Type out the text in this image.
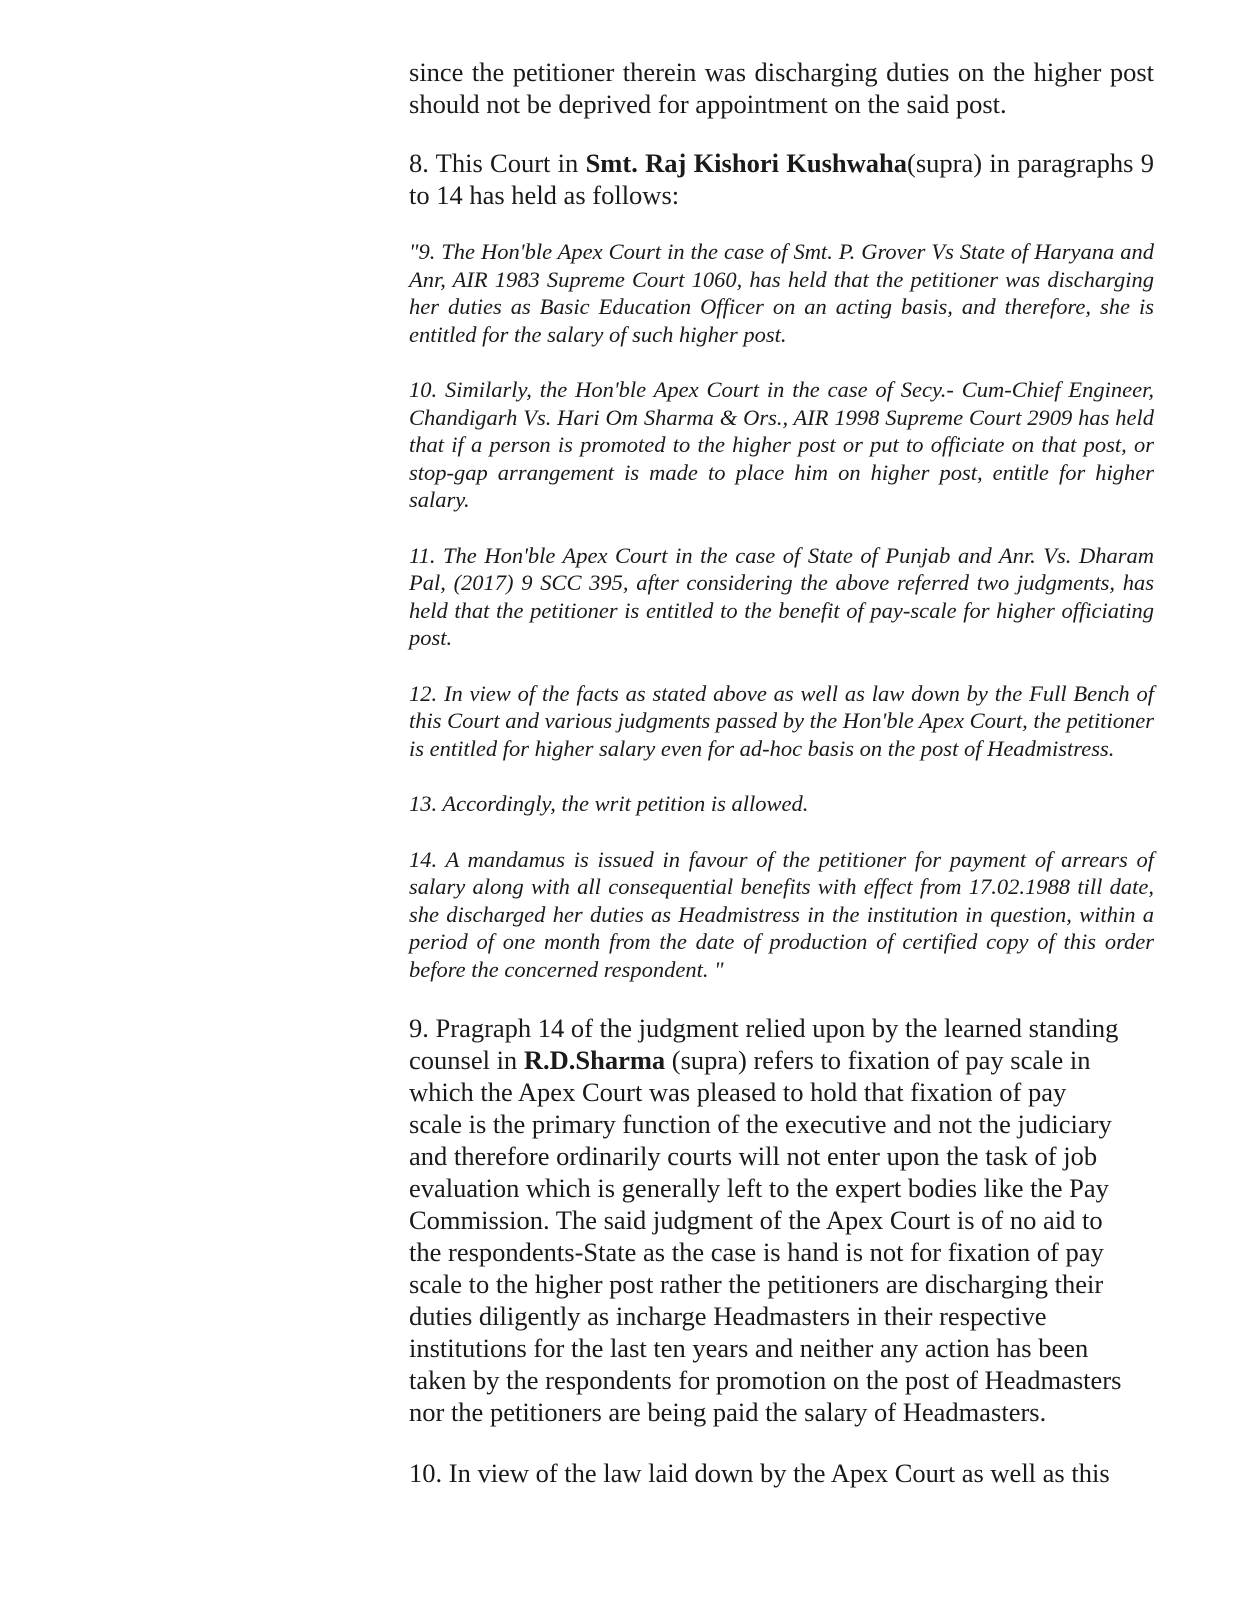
since the petitioner therein was discharging duties on the higher post should not be deprived for appointment on the said post.

8. This Court in Smt. Raj Kishori Kushwaha(supra) in paragraphs 9 to 14 has held as follows:

"9. The Hon'ble Apex Court in the case of Smt. P. Grover Vs State of Haryana and Anr, AIR 1983 Supreme Court 1060, has held that the petitioner was discharging her duties as Basic Education Officer on an acting basis, and therefore, she is entitled for the salary of such higher post.

10. Similarly, the Hon'ble Apex Court in the case of Secy.- Cum-Chief Engineer, Chandigarh Vs. Hari Om Sharma & Ors., AIR 1998 Supreme Court 2909 has held that if a person is promoted to the higher post or put to officiate on that post, or stop-gap arrangement is made to place him on higher post, entitle for higher salary.

11. The Hon'ble Apex Court in the case of State of Punjab and Anr. Vs. Dharam Pal, (2017) 9 SCC 395, after considering the above referred two judgments, has held that the petitioner is entitled to the benefit of pay-scale for higher officiating post.

12. In view of the facts as stated above as well as law down by the Full Bench of this Court and various judgments passed by the Hon'ble Apex Court, the petitioner is entitled for higher salary even for ad-hoc basis on the post of Headmistress.

13. Accordingly, the writ petition is allowed.

14. A mandamus is issued in favour of the petitioner for payment of arrears of salary along with all consequential benefits with effect from 17.02.1988 till date, she discharged her duties as Headmistress in the institution in question, within a period of one month from the date of production of certified copy of this order before the concerned respondent. "

9. Pragraph 14 of the judgment relied upon by the learned standing
counsel in R.D.Sharma (supra) refers to fixation of pay scale in
which the Apex Court was pleased to hold that fixation of pay
scale is the primary function of the executive and not the judiciary
and therefore ordinarily courts will not enter upon the task of job
evaluation which is generally left to the expert bodies like the Pay
Commission. The said judgment of the Apex Court is of no aid to
the respondents-State as the case is hand is not for fixation of pay
scale to the higher post rather the petitioners are discharging their
duties diligently as incharge Headmasters in their respective
institutions for the last ten years and neither any action has been
taken by the respondents for promotion on the post of Headmasters
nor the petitioners are being paid the salary of Headmasters.

10. In view of the law laid down by the Apex Court as well as this
